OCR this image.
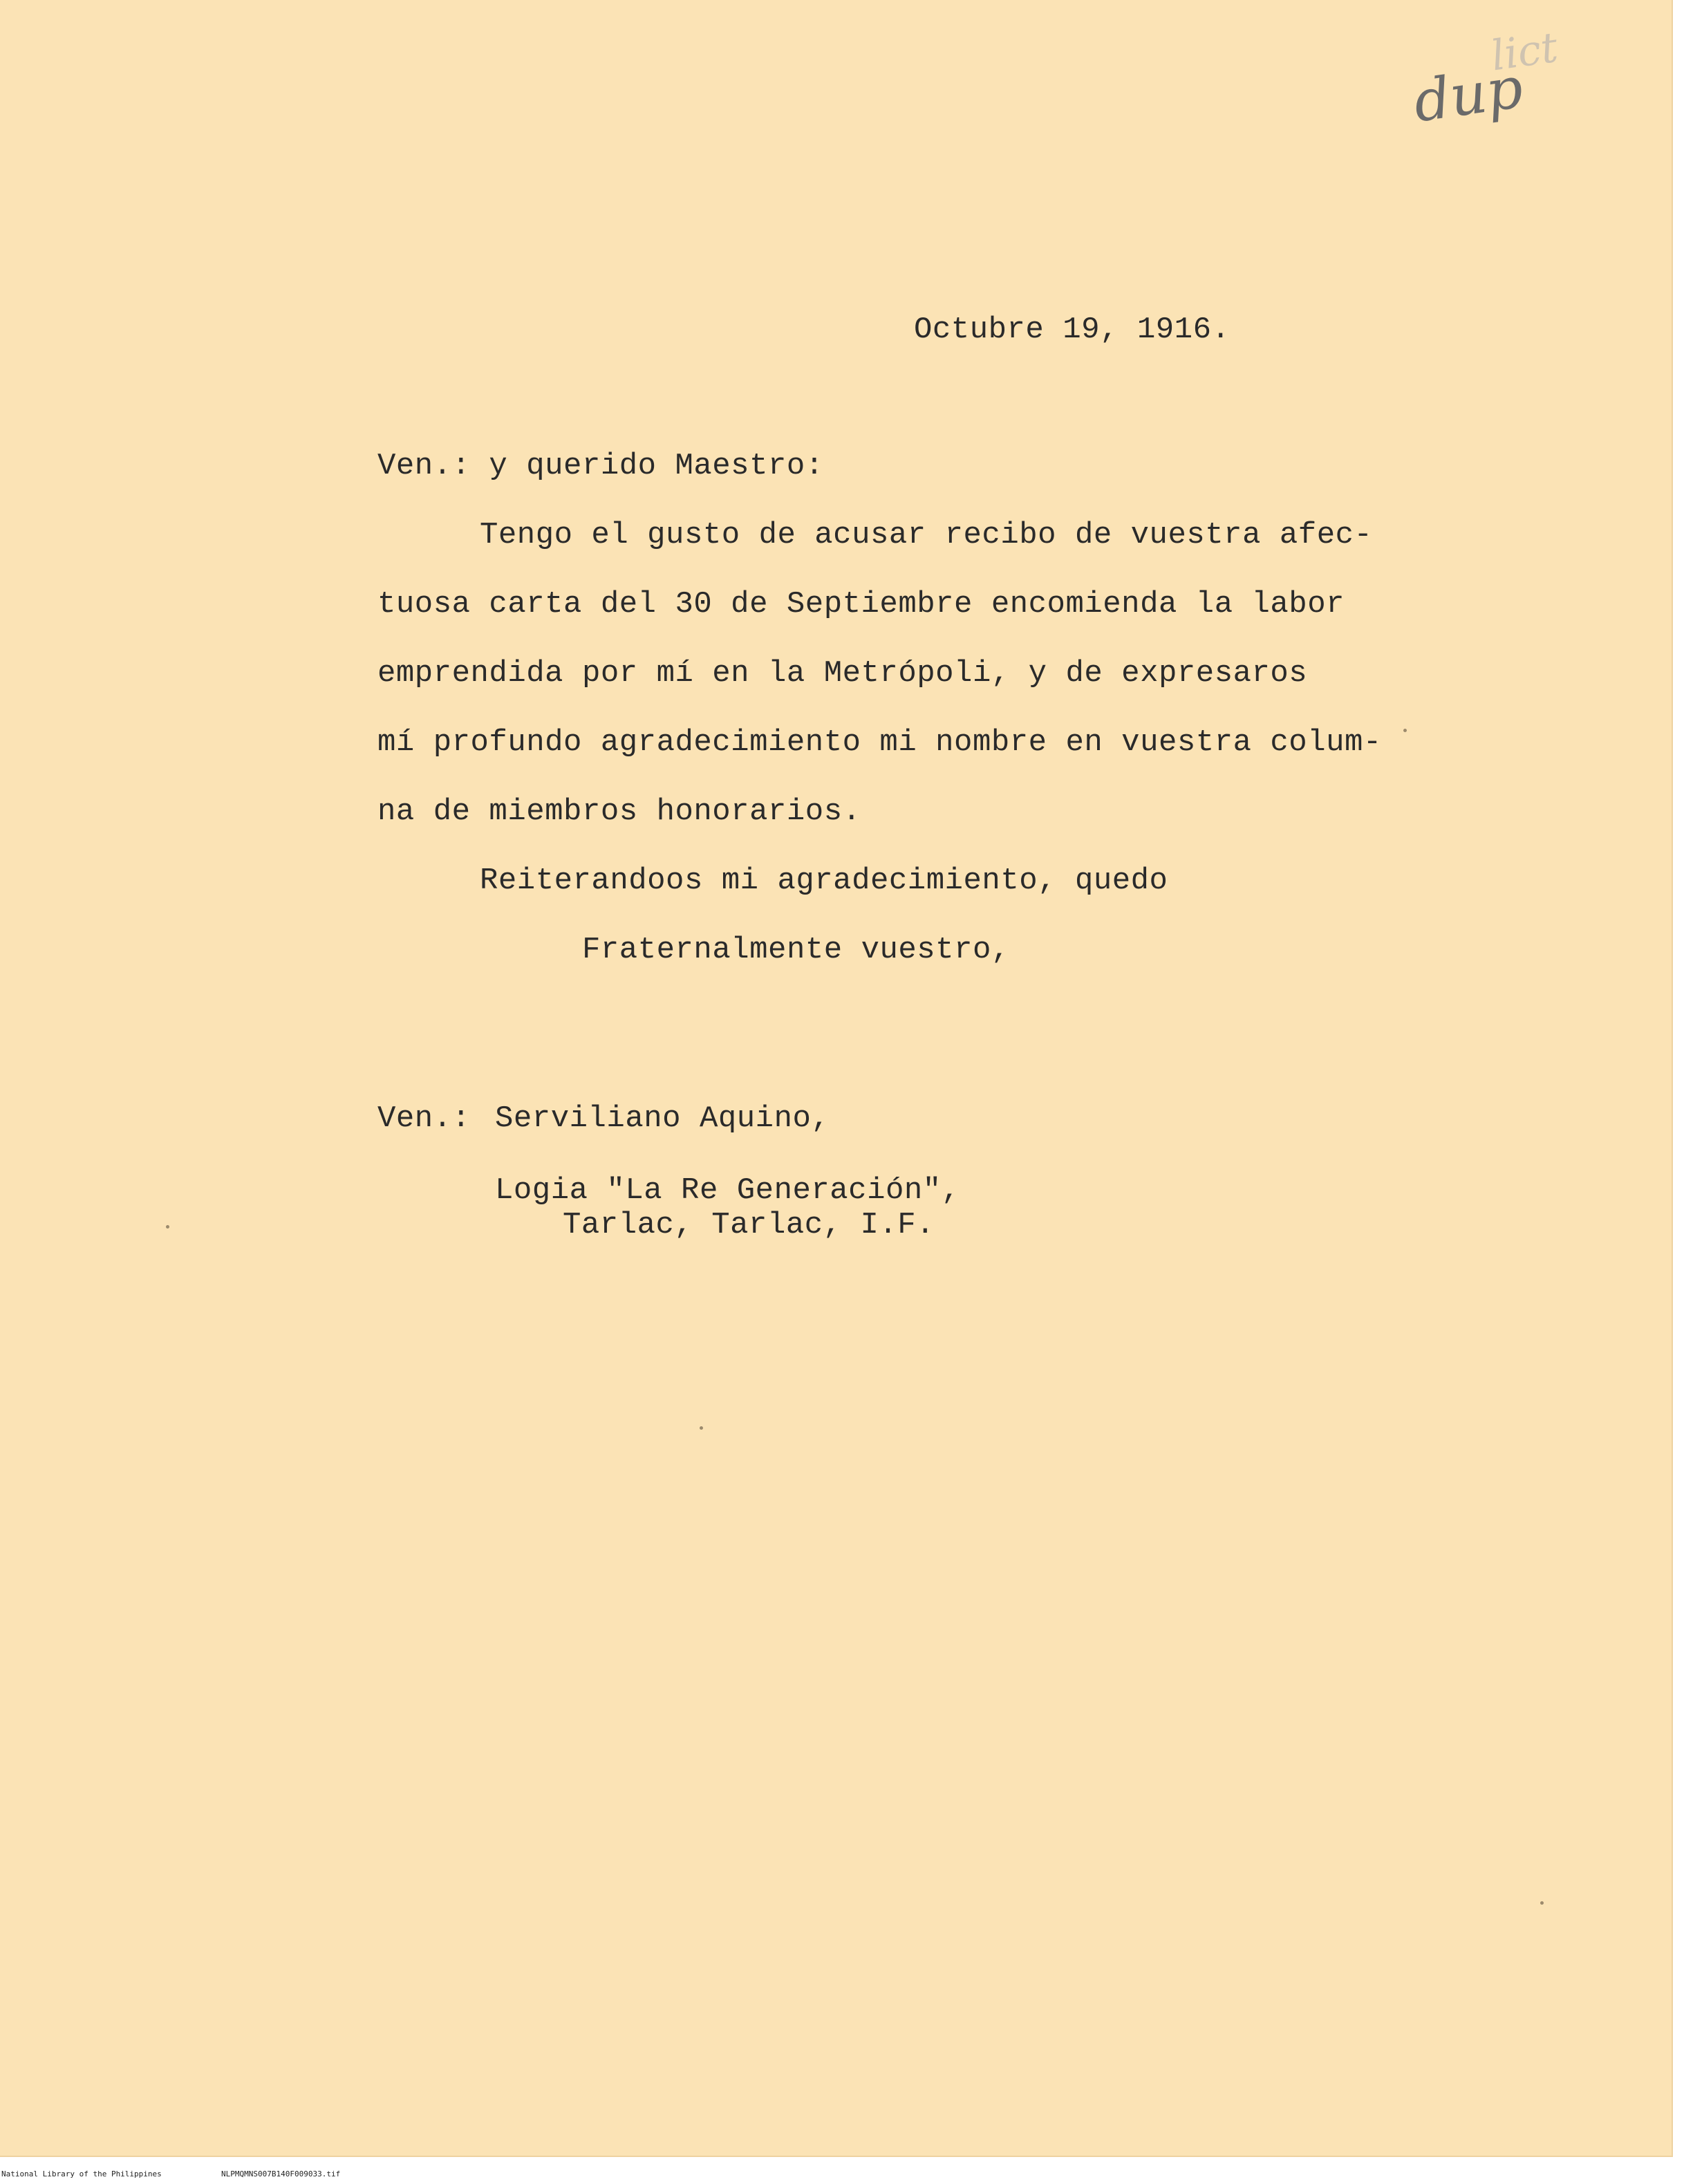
dup
lict
Octubre 19, 1916.
Ven.: y querido Maestro:
Tengo el gusto de acusar recibo de vuestra afec-
tuosa carta del 30 de Septiembre encomienda la labor
emprendida por mí en la Metrópoli, y de expresaros
mí profundo agradecimiento mi nombre en vuestra colum-
na de miembros honorarios.
Reiterandoos mi agradecimiento, quedo
Fraternalmente vuestro,
Ven.: Serviliano Aquino,
Logia "La Re Generación",
Tarlac, Tarlac, I.F.
National Library of the Philippines	NLPMQMNS007B140F009033.tif
